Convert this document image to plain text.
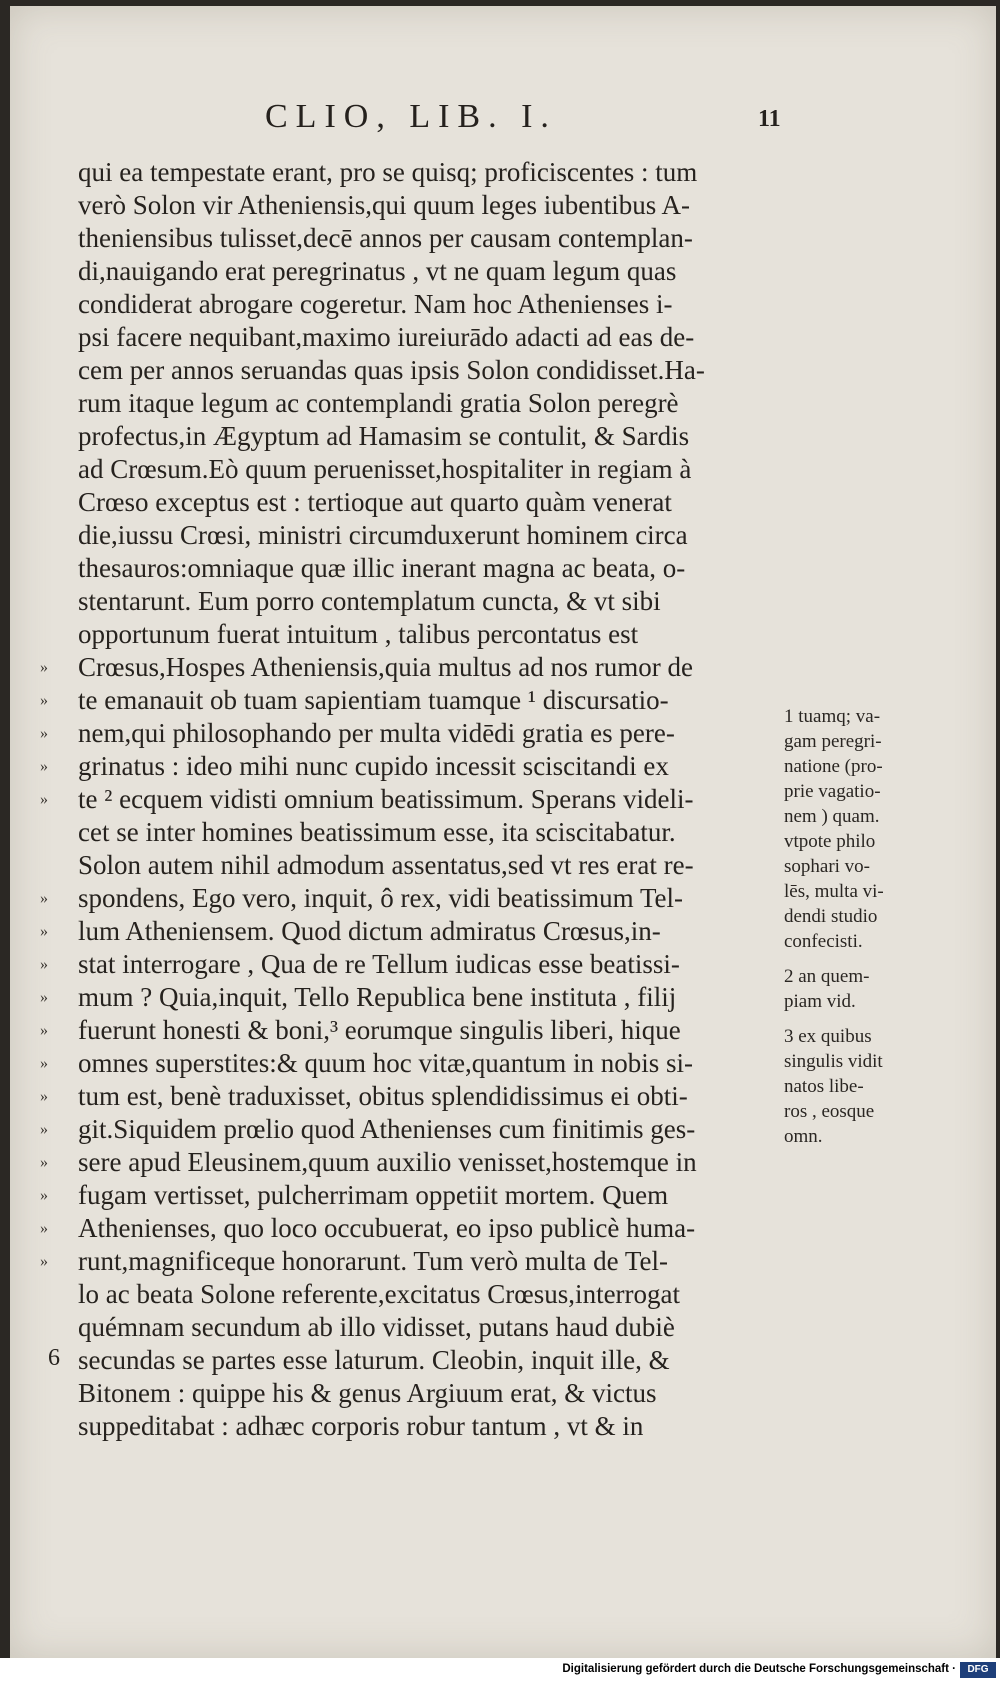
CLIO, LIB. I.	11
qui ea tempestate erant, pro se quisq; proficiscentes : tum
verò Solon vir Atheniensis,qui quum leges iubentibus A-
theniensibus tulisset,decē annos per causam contemplan-
di,nauigando erat peregrinatus , vt ne quam legum quas
condiderat abrogare cogeretur. Nam hoc Athenienses i-
psi facere nequibant,maximo iureiurādo adacti ad eas de-
cem per annos seruandas quas ipsis Solon condidisset.Ha-
rum itaque legum ac contemplandi gratia Solon peregrè
profectus,in Ægyptum ad Hamasim se contulit, & Sardis
ad Crœsum.Eò quum peruenisset,hospitaliter in regiam à
Crœso exceptus est : tertioque aut quarto quàm venerat
die,iussu Crœsi, ministri circumduxerunt hominem circa
thesauros:omniaque quæ illic inerant magna ac beata, o-
stentarunt. Eum porro contemplatum cuncta, & vt sibi
opportunum fuerat intuitum , talibus percontatus est
Crœsus,Hospes Atheniensis,quia multus ad nos rumor de
te emanauit ob tuam sapientiam tuamque ¹ discursatio-
nem,qui philosophando per multa vidēdi gratia es pere-
grinatus : ideo mihi nunc cupido incessit sciscitandi ex
te ² ecquem vidisti omnium beatissimum. Sperans videli-
cet se inter homines beatissimum esse, ita sciscitabatur.
Solon autem nihil admodum assentatus,sed vt res erat re-
spondens, Ego vero, inquit, ô rex, vidi beatissimum Tel-
lum Atheniensem. Quod dictum admiratus Crœsus,in-
stat interrogare , Qua de re Tellum iudicas esse beatissi-
mum ? Quia,inquit, Tello Republica bene instituta , filij
fuerunt honesti & boni,³ eorumque singulis liberi, hique
omnes superstites:& quum hoc vitæ,quantum in nobis si-
tum est, benè traduxisset, obitus splendidissimus ei obti-
git.Siquidem prœlio quod Athenienses cum finitimis ges-
sere apud Eleusinem,quum auxilio venisset,hostemque in
fugam vertisset, pulcherrimam oppetiit mortem. Quem
Athenienses, quo loco occubuerat, eo ipso publicè huma-
runt,magnificeque honorarunt. Tum verò multa de Tel-
lo ac beata Solone referente,excitatus Crœsus,interrogat
quémnam secundum ab illo vidisset, putans haud dubiè
secundas se partes esse laturum. Cleobin, inquit ille, &
Bitonem : quippe his & genus Argiuum erat, & victus
suppeditabat : adhæc corporis robur tantum , vt & in
»
»
»
»
»
»
»
»
»
»
»
»
»
»
»
»
»
6
1 tuamq; va-
gam peregri-
natione (pro-
prie vagatio-
nem ) quam.
vtpote philo
sophari vo-
lēs, multa vi-
dendi studio
confecisti.
2 an quem-
piam vid.
3 ex quibus
singulis vidit
natos libe-
ros , eosque
omn.
Digitalisierung gefördert durch die Deutsche Forschungsgemeinschaft ·	DFG
